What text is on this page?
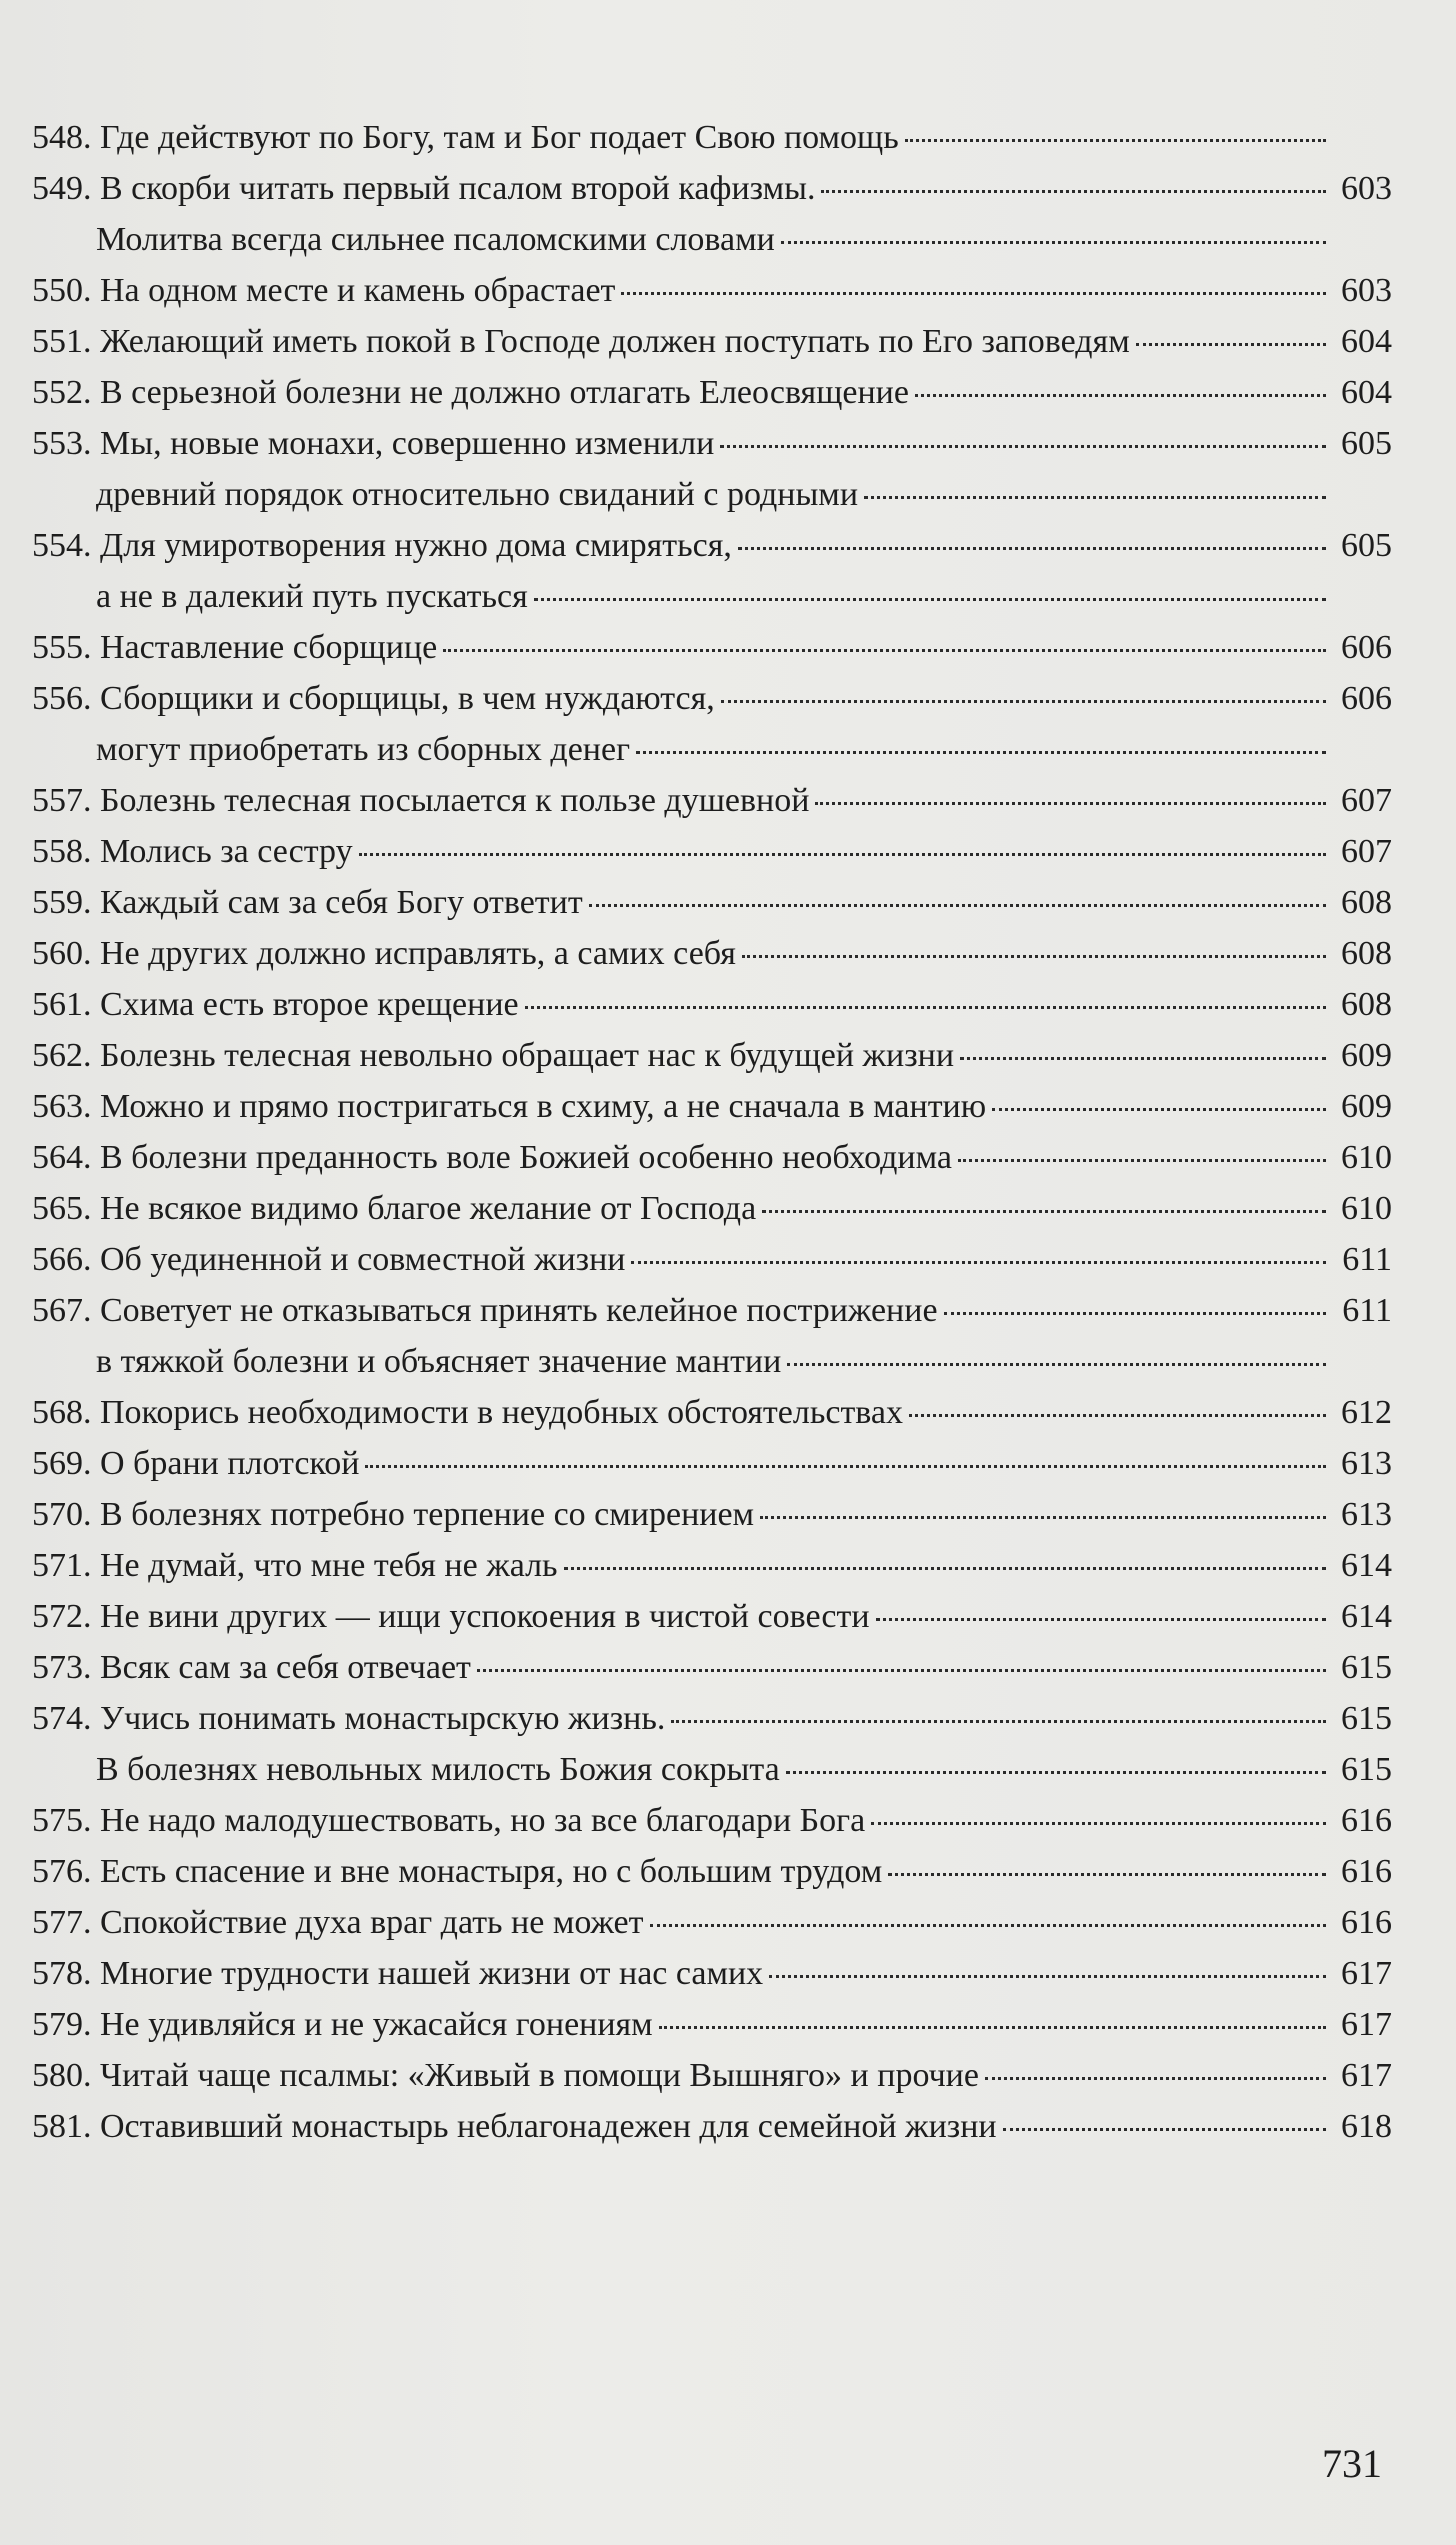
548.
Где действуют по Богу, там и Бог подает Свою помощь
549.
В скорби читать первый псалом второй кафизмы.	603
Молитва всегда сильнее псаломскими словами
550.
На одном месте и камень обрастает	603
551.
Желающий иметь покой в Господе должен поступать по Его заповедям	604
552.
В серьезной болезни не должно отлагать Елеосвящение	604
553.
Мы, новые монахи, совершенно изменили	605
древний порядок относительно свиданий с родными
554.
Для умиротворения нужно дома смиряться,	605
а не в далекий путь пускаться
555.
Наставление сборщице	606
556.
Сборщики и сборщицы, в чем нуждаются,	606
могут приобретать из сборных денег
557.
Болезнь телесная посылается к пользе душевной	607
558.
Молись за сестру	607
559.
Каждый сам за себя Богу ответит	608
560.
Не других должно исправлять, а самих себя	608
561.
Схима есть второе крещение	608
562.
Болезнь телесная невольно обращает нас к будущей жизни	609
563.
Можно и прямо постригаться в схиму, а не сначала в мантию	609
564.
В болезни преданность воле Божией особенно необходима	610
565.
Не всякое видимо благое желание от Господа	610
566.
Об уединенной и совместной жизни	611
567.
Советует не отказываться принять келейное пострижение	611
в тяжкой болезни и объясняет значение мантии
568.
Покорись необходимости в неудобных обстоятельствах	612
569.
О брани плотской	613
570.
В болезнях потребно терпение со смирением	613
571.
Не думай, что мне тебя не жаль	614
572.
Не вини других — ищи успокоения в чистой совести	614
573.
Всяк сам за себя отвечает	615
574.
Учись понимать монастырскую жизнь.	615
В болезнях невольных милость Божия сокрыта	615
575.
Не надо малодушествовать, но за все благодари Бога	616
576.
Есть спасение и вне монастыря, но с большим трудом	616
577.
Спокойствие духа враг дать не может	616
578.
Многие трудности нашей жизни от нас самих	617
579.
Не удивляйся и не ужасайся гонениям	617
580.
Читай чаще псалмы: «Живый в помощи Вышняго» и прочие	617
581.
Оставивший монастырь неблагонадежен для семейной жизни	618
731
